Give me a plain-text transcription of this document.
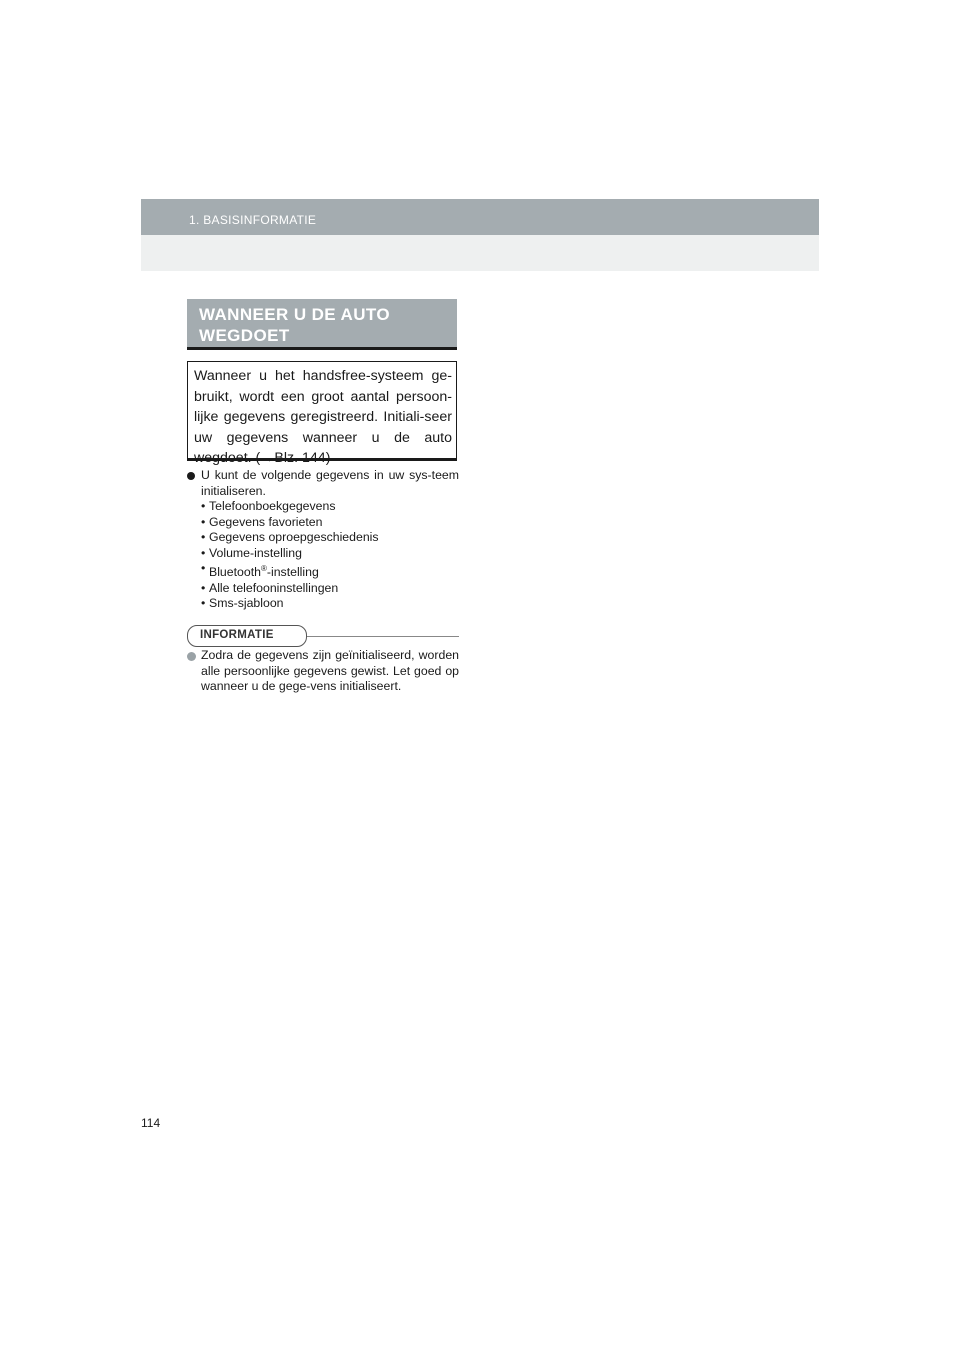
1. BASISINFORMATIE
WANNEER U DE AUTO WEGDOET

Wanneer u het handsfree-systeem ge-bruikt, wordt een groot aantal persoon-lijke gegevens geregistreerd. Initiali-seer uw gegevens wanneer u de auto wegdoet. (→Blz. 144)

U kunt de volgende gegevens in uw sys-teem initialiseren.
• Telefoonboekgegevens
• Gegevens favorieten
• Gegevens oproepgeschiedenis
• Volume-instelling
• Bluetooth®-instelling
• Alle telefooninstellingen
• Sms-sjabloon
INFORMATIE
Zodra de gegevens zijn geïnitialiseerd, worden alle persoonlijke gegevens gewist. Let goed op wanneer u de gege-vens initialiseert.
114
